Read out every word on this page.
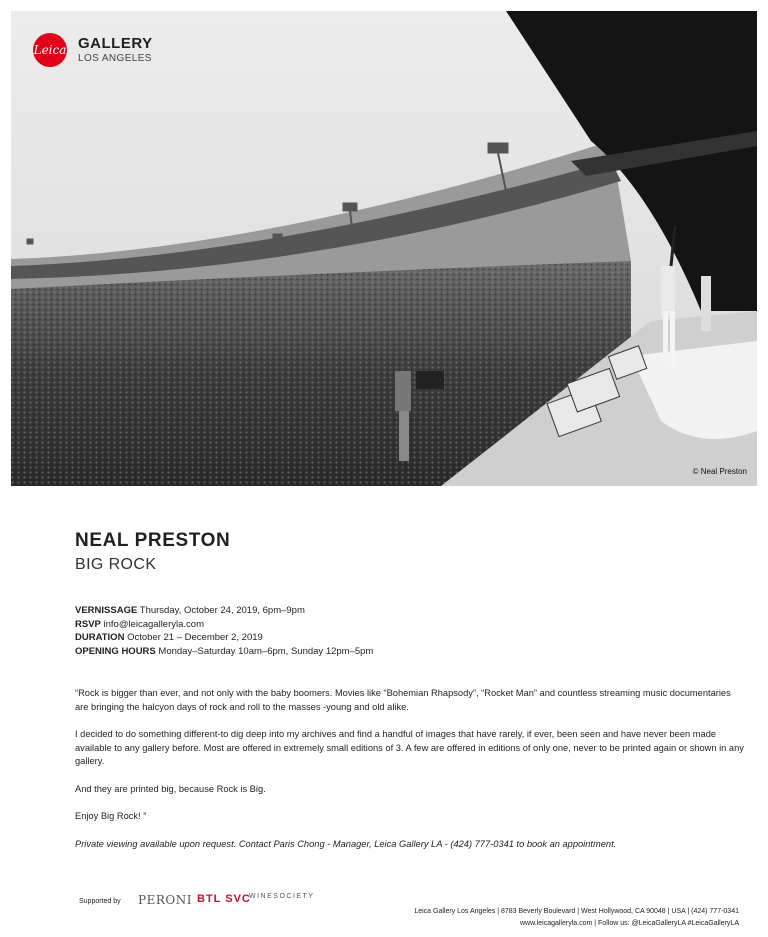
Leica GALLERY
LOS ANGELES
© Neal Preston
NEAL PRESTON
BIG ROCK
VERNISSAGE Thursday, October 24, 2019, 6pm–9pm
RSVP info@leicagalleryla.com
DURATION October 21 – December 2, 2019
OPENING HOURS Monday–Saturday 10am–6pm, Sunday 12pm–5pm

“Rock is bigger than ever, and not only with the baby boomers. Movies like “Bohemian Rhapsody”, “Rocket Man” and countless streaming music documentaries are bringing the halcyon days of rock and roll to the masses -young and old alike.

I decided to do something different-to dig deep into my archives and find a handful of images that have rarely, if ever, been seen and have never been made available to any gallery before. Most are offered in extremely small editions of 3. A few are offered in editions of only one, never to be printed again or shown in any gallery.

And they are printed big, because Rock is Big.

Enjoy Big Rock! ”

Private viewing available upon request. Contact Paris Chong - Manager, Leica Gallery LA - (424) 777-0341 to book an appointment.

Supported by PERONI BTL SVC
WINESOCIETY
Leica Gallery Los Angeles | 8783 Beverly Boulevard | West Hollywood, CA 90048 | USA | (424) 777-0341
www.leicagalleryla.com | Follow us: @LeicaGalleryLA #LeicaGalleryLA
